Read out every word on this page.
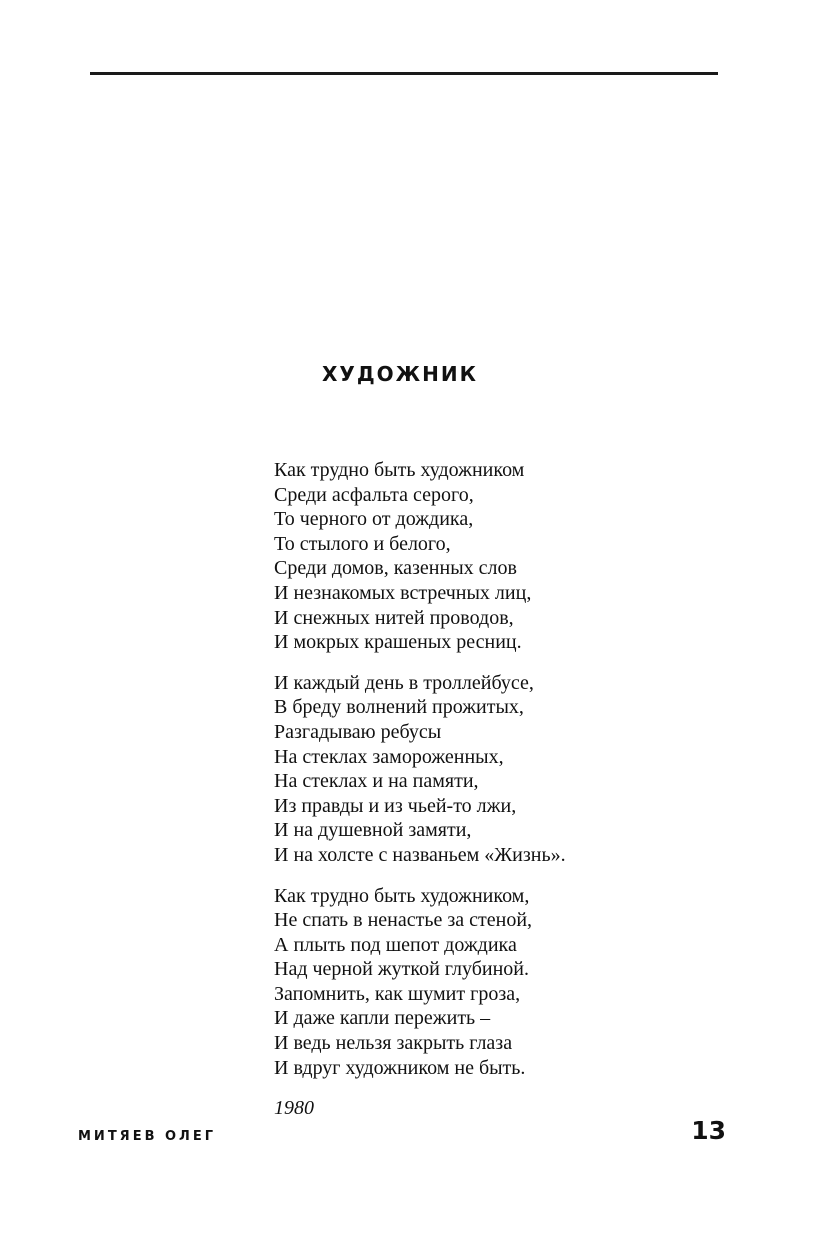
ХУДОЖНИК
Как трудно быть художником
Среди асфальта серого,
То черного от дождика,
То стылого и белого,
Среди домов, казенных слов
И незнакомых встречных лиц,
И снежных нитей проводов,
И мокрых крашеных ресниц.
И каждый день в троллейбусе,
В бреду волнений прожитых,
Разгадываю ребусы
На стеклах замороженных,
На стеклах и на памяти,
Из правды и из чьей-то лжи,
И на душевной замяти,
И на холсте с названьем «Жизнь».
Как трудно быть художником,
Не спать в ненастье за стеной,
А плыть под шепот дождика
Над черной жуткой глубиной.
Запомнить, как шумит гроза,
И даже капли пережить –
И ведь нельзя закрыть глаза
И вдруг художником не быть.
1980
МИТЯЕВ ОЛЕГ	13
